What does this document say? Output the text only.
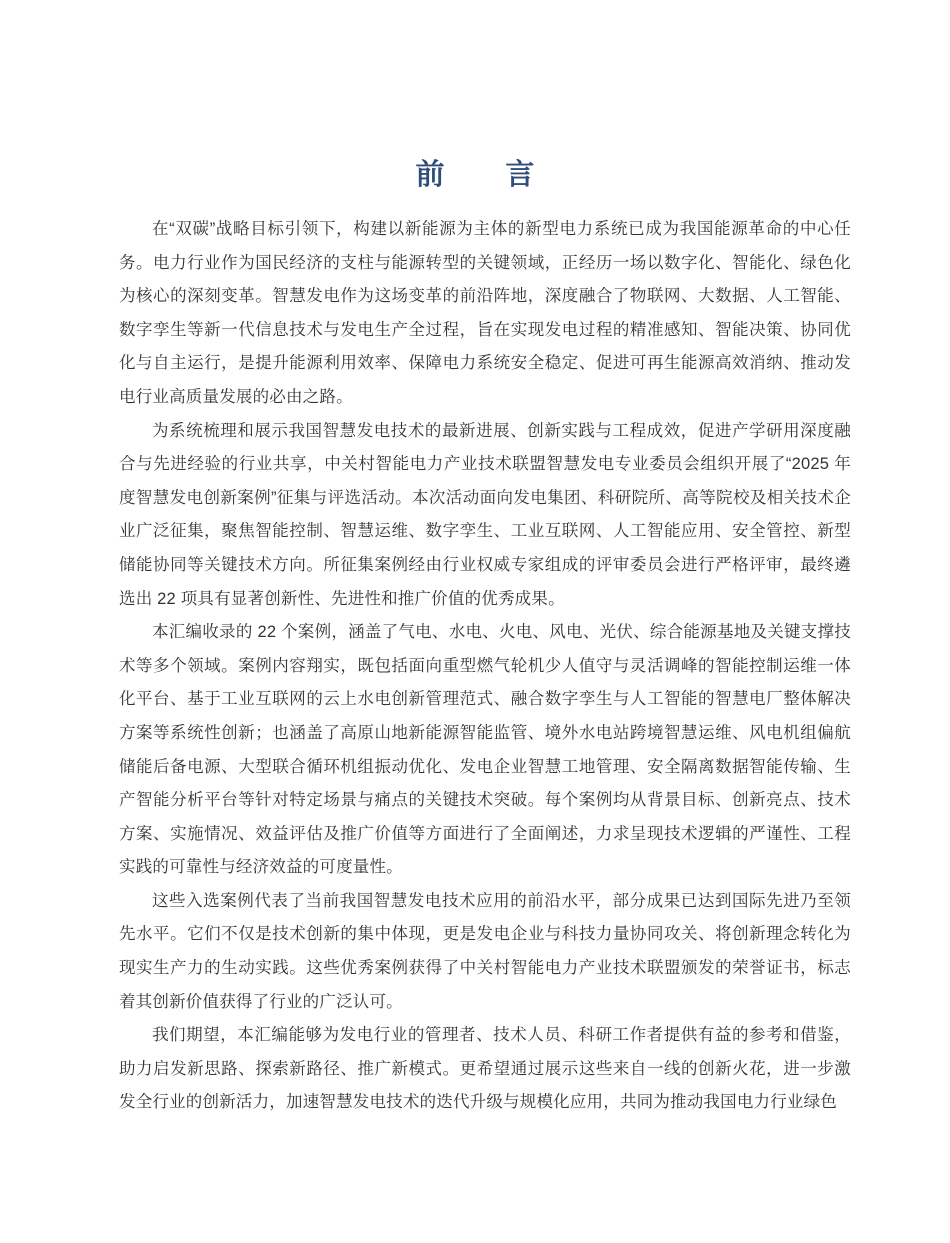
前　言

在“双碳”战略目标引领下，构建以新能源为主体的新型电力系统已成为我国能源革命的中心任务。电力行业作为国民经济的支柱与能源转型的关键领域，正经历一场以数字化、智能化、绿色化为核心的深刻变革。智慧发电作为这场变革的前沿阵地，深度融合了物联网、大数据、人工智能、数字孪生等新一代信息技术与发电生产全过程，旨在实现发电过程的精准感知、智能决策、协同优化与自主运行，是提升能源利用效率、保障电力系统安全稳定、促进可再生能源高效消纳、推动发电行业高质量发展的必由之路。

为系统梳理和展示我国智慧发电技术的最新进展、创新实践与工程成效，促进产学研用深度融合与先进经验的行业共享，中关村智能电力产业技术联盟智慧发电专业委员会组织开展了“2025 年度智慧发电创新案例”征集与评选活动。本次活动面向发电集团、科研院所、高等院校及相关技术企业广泛征集，聚焦智能控制、智慧运维、数字孪生、工业互联网、人工智能应用、安全管控、新型储能协同等关键技术方向。所征集案例经由行业权威专家组成的评审委员会进行严格评审，最终遴选出 22 项具有显著创新性、先进性和推广价值的优秀成果。

本汇编收录的 22 个案例，涵盖了气电、水电、火电、风电、光伏、综合能源基地及关键支撑技术等多个领域。案例内容翔实，既包括面向重型燃气轮机少人值守与灵活调峰的智能控制运维一体化平台、基于工业互联网的云上水电创新管理范式、融合数字孪生与人工智能的智慧电厂整体解决方案等系统性创新；也涵盖了高原山地新能源智能监管、境外水电站跨境智慧运维、风电机组偏航储能后备电源、大型联合循环机组振动优化、发电企业智慧工地管理、安全隔离数据智能传输、生产智能分析平台等针对特定场景与痛点的关键技术突破。每个案例均从背景目标、创新亮点、技术方案、实施情况、效益评估及推广价值等方面进行了全面阐述，力求呈现技术逻辑的严谨性、工程实践的可靠性与经济效益的可度量性。

这些入选案例代表了当前我国智慧发电技术应用的前沿水平，部分成果已达到国际先进乃至领先水平。它们不仅是技术创新的集中体现，更是发电企业与科技力量协同攻关、将创新理念转化为现实生产力的生动实践。这些优秀案例获得了中关村智能电力产业技术联盟颁发的荣誉证书，标志着其创新价值获得了行业的广泛认可。

我们期望，本汇编能够为发电行业的管理者、技术人员、科研工作者提供有益的参考和借鉴，助力启发新思路、探索新路径、推广新模式。更希望通过展示这些来自一线的创新火花，进一步激发全行业的创新活力，加速智慧发电技术的迭代升级与规模化应用，共同为推动我国电力行业绿色
